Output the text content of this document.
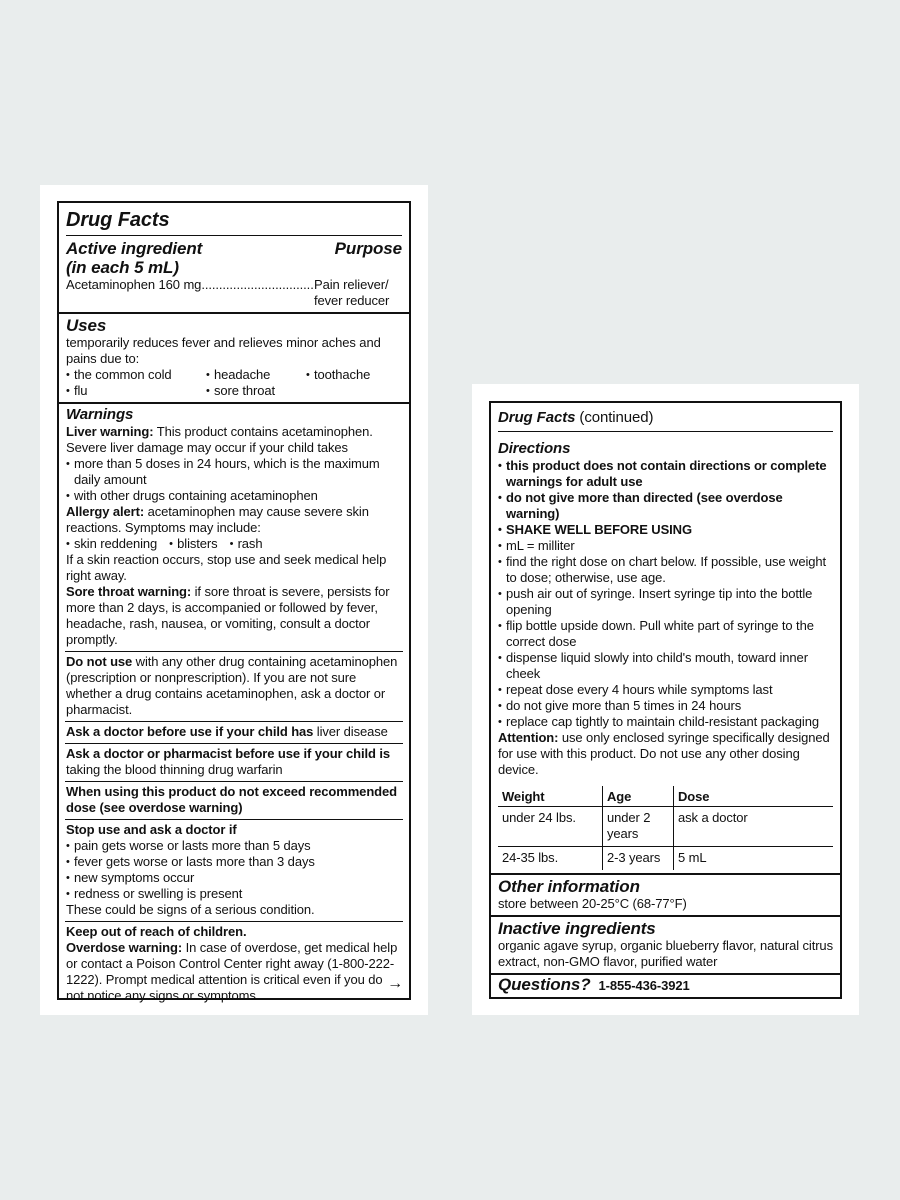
Drug Facts
Active ingredient
(in each 5 mL)
Purpose
Acetaminophen 160 mg .....	Pain reliever/ fever reducer
Uses
temporarily reduces fever and relieves minor aches and pains due to:
• the common cold	• headache	• toothache
• flu	• sore throat
Warnings
Liver warning: This product contains acetaminophen. Severe liver damage may occur if your child takes
• more than 5 doses in 24 hours, which is the maximum daily amount
• with other drugs containing acetaminophen
Allergy alert: acetaminophen may cause severe skin reactions. Symptoms may include:
• skin reddening	• blisters	• rash
If a skin reaction occurs, stop use and seek medical help right away.
Sore throat warning: if sore throat is severe, persists for more than 2 days, is accompanied or followed by fever, headache, rash, nausea, or vomiting, consult a doctor promptly.
Do not use with any other drug containing acetaminophen (prescription or nonprescription). If you are not sure whether a drug contains acetaminophen, ask a doctor or pharmacist.
Ask a doctor before use if your child has liver disease
Ask a doctor or pharmacist before use if your child is taking the blood thinning drug warfarin
When using this product do not exceed recommended dose (see overdose warning)
Stop use and ask a doctor if
• pain gets worse or lasts more than 5 days
• fever gets worse or lasts more than 3 days
• new symptoms occur
• redness or swelling is present
These could be signs of a serious condition.
Keep out of reach of children.
Overdose warning: In case of overdose, get medical help or contact a Poison Control Center right away (1-800-222-1222). Prompt medical attention is critical even if you do not notice any signs or symptoms.
→
Drug Facts (continued)
Directions
• this product does not contain directions or complete warnings for adult use
• do not give more than directed (see overdose warning)
• SHAKE WELL BEFORE USING
• mL = milliter
• find the right dose on chart below. If possible, use weight to dose; otherwise, use age.
• push air out of syringe. Insert syringe tip into the bottle opening
• flip bottle upside down. Pull white part of syringe to the correct dose
• dispense liquid slowly into child's mouth, toward inner cheek
• repeat dose every 4 hours while symptoms last
• do not give more than 5 times in 24 hours
• replace cap tightly to maintain child-resistant packaging
Attention: use only enclosed syringe specifically designed for use with this product. Do not use any other dosing device.
Weight	Age	Dose
under 24 lbs.	under 2 years	ask a doctor
24-35 lbs.	2-3 years	5 mL
Other information
store between 20-25°C (68-77°F)
Inactive ingredients
organic agave syrup, organic blueberry flavor, natural citrus extract, non-GMO flavor, purified water
Questions? 1-855-436-3921
